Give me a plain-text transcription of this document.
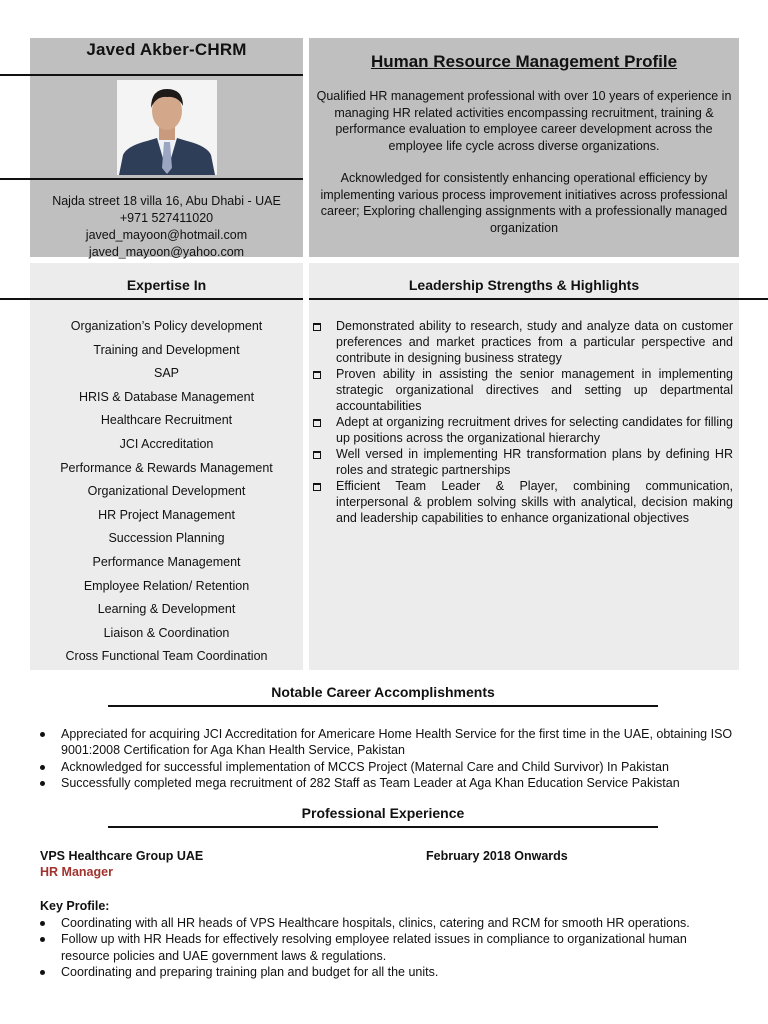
Javed Akber-CHRM
Najda street 18 villa 16, Abu Dhabi - UAE
+971 527411020
javed_mayoon@hotmail.com
javed_mayoon@yahoo.com
Human Resource Management Profile

Qualified HR management professional with over 10 years of experience in managing HR related activities encompassing recruitment, training & performance evaluation to employee career development across the employee life cycle across diverse organizations.

Acknowledged for consistently enhancing operational efficiency by implementing various process improvement initiatives across professional career; Exploring challenging assignments with a professionally managed organization

Expertise In	Leadership Strengths & Highlights
Organization’s Policy development
Training and Development
SAP
HRIS & Database Management
Healthcare Recruitment
JCI Accreditation
Performance & Rewards Management
Organizational Development
HR Project Management
Succession Planning
Performance Management
Employee Relation/ Retention
Learning & Development
Liaison & Coordination
Cross Functional Team Coordination
Demonstrated ability to research, study and analyze data on customer preferences and market practices from a particular perspective and contribute in designing business strategy
Proven ability in assisting the senior management in implementing strategic organizational directives and setting up departmental accountabilities
Adept at organizing recruitment drives for selecting candidates for filling up positions across the organizational hierarchy
Well versed in implementing HR transformation plans by defining HR roles and strategic partnerships
Efficient Team Leader & Player, combining communication, interpersonal & problem solving skills with analytical, decision making and leadership capabilities to enhance organizational objectives
Notable Career Accomplishments
Appreciated for acquiring JCI Accreditation for Americare Home Health Service for the first time in the UAE, obtaining ISO 9001:2008 Certification for Aga Khan Health Service, Pakistan
Acknowledged for successful implementation of MCCS Project (Maternal Care and Child Survivor) In Pakistan
Successfully completed mega recruitment of 282 Staff as Team Leader at Aga Khan Education Service Pakistan
Professional Experience
VPS Healthcare Group UAE	February 2018 Onwards
HR Manager
Key Profile:
Coordinating with all HR heads of VPS Healthcare hospitals, clinics, catering and RCM for smooth HR operations.
Follow up with HR Heads for effectively resolving employee related issues in compliance to organizational human resource policies and UAE government laws & regulations.
Coordinating and preparing training plan and budget for all the units.
